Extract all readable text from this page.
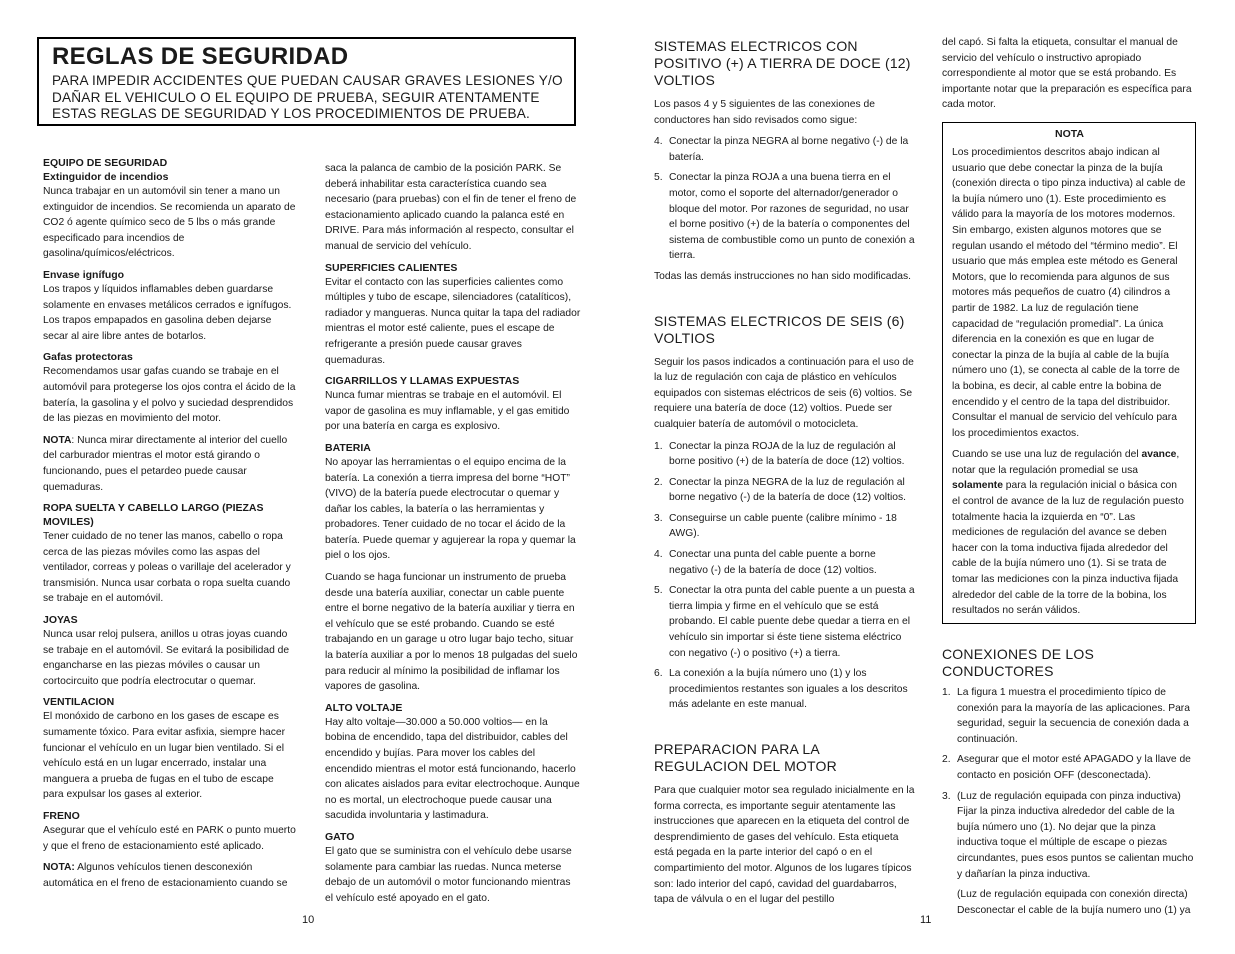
REGLAS DE SEGURIDAD

PARA IMPEDIR ACCIDENTES QUE PUEDAN CAUSAR GRAVES LESIONES Y/O DAÑAR EL VEHICULO O EL EQUIPO DE PRUEBA, SEGUIR ATENTAMENTE ESTAS REGLAS DE SEGURIDAD Y LOS PROCEDIMIENTOS DE PRUEBA.

EQUIPO DE SEGURIDAD

Extinguidor de incendios

Nunca trabajar en un automóvil sin tener a mano un extinguidor de incendios. Se recomienda un aparato de CO2 ó agente químico seco de 5 lbs o más grande especificado para incendios de gasolina/químicos/eléctricos.

Envase ignífugo

Los trapos y líquidos inflamables deben guardarse solamente en envases metálicos cerrados e ignífugos. Los trapos empapados en gasolina deben dejarse secar al aire libre antes de botarlos.

Gafas protectoras

Recomendamos usar gafas cuando se trabaje en el automóvil para protegerse los ojos contra el ácido de la batería, la gasolina y el polvo y suciedad desprendidos de las piezas en movimiento del motor.

NOTA: Nunca mirar directamente al interior del cuello del carburador mientras el motor está girando o funcionando, pues el petardeo puede causar quemaduras.

ROPA SUELTA Y CABELLO LARGO (PIEZAS MOVILES)

Tener cuidado de no tener las manos, cabello o ropa cerca de las piezas móviles como las aspas del ventilador, correas y poleas o varillaje del acelerador y transmisión. Nunca usar corbata o ropa suelta cuando se trabaje en el automóvil.

JOYAS

Nunca usar reloj pulsera, anillos u otras joyas cuando se trabaje en el automóvil. Se evitará la posibilidad de engancharse en las piezas móviles o causar un cortocircuito que podría electrocutar o quemar.

VENTILACION

El monóxido de carbono en los gases de escape es sumamente tóxico. Para evitar asfixia, siempre hacer funcionar el vehículo en un lugar bien ventilado. Si el vehículo está en un lugar encerrado, instalar una manguera a prueba de fugas en el tubo de escape para expulsar los gases al exterior.

FRENO

Asegurar que el vehículo esté en PARK o punto muerto y que el freno de estacionamiento esté aplicado.

NOTA: Algunos vehículos tienen desconexión automática en el freno de estacionamiento cuando se

saca la palanca de cambio de la posición PARK. Se deberá inhabilitar esta característica cuando sea necesario (para pruebas) con el fin de tener el freno de estacionamiento aplicado cuando la palanca esté en DRIVE. Para más información al respecto, consultar el manual de servicio del vehículo.

SUPERFICIES CALIENTES

Evitar el contacto con las superficies calientes como múltiples y tubo de escape, silenciadores (catalíticos), radiador y mangueras. Nunca quitar la tapa del radiador mientras el motor esté caliente, pues el escape de refrigerante a presión puede causar graves quemaduras.

CIGARRILLOS Y LLAMAS EXPUESTAS

Nunca fumar mientras se trabaje en el automóvil. El vapor de gasolina es muy inflamable, y el gas emitido por una batería en carga es explosivo.

BATERIA

No apoyar las herramientas o el equipo encima de la batería. La conexión a tierra impresa del borne “HOT” (VIVO) de la batería puede electrocutar o quemar y dañar los cables, la batería o las herramientas y probadores. Tener cuidado de no tocar el ácido de la batería. Puede quemar y agujerear la ropa y quemar la piel o los ojos.

Cuando se haga funcionar un instrumento de prueba desde una batería auxiliar, conectar un cable puente entre el borne negativo de la batería auxiliar y tierra en el vehículo que se esté probando. Cuando se esté trabajando en un garage u otro lugar bajo techo, situar la batería auxiliar a por lo menos 18 pulgadas del suelo para reducir al mínimo la posibilidad de inflamar los vapores de gasolina.

ALTO VOLTAJE

Hay alto voltaje—30.000 a 50.000 voltios— en la bobina de encendido, tapa del distribuidor, cables del encendido y bujías. Para mover los cables del encendido mientras el motor está funcionando, hacerlo con alicates aislados para evitar electrochoque. Aunque no es mortal, un electrochoque puede causar una sacudida involuntaria y lastimadura.

GATO

El gato que se suministra con el vehículo debe usarse solamente para cambiar las ruedas. Nunca meterse debajo de un automóvil o motor funcionando mientras el vehículo esté apoyado en el gato.

10
SISTEMAS ELECTRICOS CON POSITIVO (+) A TIERRA DE DOCE (12) VOLTIOS

Los pasos 4 y 5 siguientes de las conexiones de conductores han sido revisados como sigue:

4. Conectar la pinza NEGRA al borne negativo (-) de la batería.
5. Conectar la pinza ROJA a una buena tierra en el motor, como el soporte del alternador/generador o bloque del motor. Por razones de seguridad, no usar el borne positivo (+) de la batería o componentes del sistema de combustible como un punto de conexión a tierra.

Todas las demás instrucciones no han sido modificadas.

SISTEMAS ELECTRICOS DE SEIS (6) VOLTIOS

Seguir los pasos indicados a continuación para el uso de la luz de regulación con caja de plástico en vehículos equipados con sistemas eléctricos de seis (6) voltios. Se requiere una batería de doce (12) voltios. Puede ser cualquier batería de automóvil o motocicleta.

1. Conectar la pinza ROJA de la luz de regulación al borne positivo (+) de la batería de doce (12) voltios.
2. Conectar la pinza NEGRA de la luz de regulación al borne negativo (-) de la batería de doce (12) voltios.
3. Conseguirse un cable puente (calibre mínimo - 18 AWG).
4. Conectar una punta del cable puente a borne negativo (-) de la batería de doce (12) voltios.
5. Conectar la otra punta del cable puente a un puesta a tierra limpia y firme en el vehículo que se está probando. El cable puente debe quedar a tierra en el vehículo sin importar si éste tiene sistema eléctrico con negativo (-) o positivo (+) a tierra.
6. La conexión a la bujía número uno (1) y los procedimientos restantes son iguales a los descritos más adelante en este manual.
PREPARACION PARA LA REGULACION DEL MOTOR

Para que cualquier motor sea regulado inicialmente en la forma correcta, es importante seguir atentamente las instrucciones que aparecen en la etiqueta del control de desprendimiento de gases del vehículo. Esta etiqueta está pegada en la parte interior del capó o en el compartimiento del motor. Algunos de los lugares típicos son: lado interior del capó, cavidad del guardabarros, tapa de válvula o en el lugar del pestillo

11

del capó. Si falta la etiqueta, consultar el manual de servicio del vehículo o instructivo apropiado correspondiente al motor que se está probando. Es importante notar que la preparación es específica para cada motor.

NOTA

Los procedimientos descritos abajo indican al usuario que debe conectar la pinza de la bujía (conexión directa o tipo pinza inductiva) al cable de la bujía número uno (1). Este procedimiento es válido para la mayoría de los motores modernos. Sin embargo, existen algunos motores que se regulan usando el método del “término medio”. El usuario que más emplea este método es General Motors, que lo recomienda para algunos de sus motores más pequeños de cuatro (4) cilindros a partir de 1982. La luz de regulación tiene capacidad de “regulación promedial”. La única diferencia en la conexión es que en lugar de conectar la pinza de la bujía al cable de la bujía número uno (1), se conecta al cable de la torre de la bobina, es decir, al cable entre la bobina de encendido y el centro de la tapa del distribuidor. Consultar el manual de servicio del vehículo para los procedimientos exactos.

Cuando se use una luz de regulación del avance, notar que la regulación promedial se usa solamente para la regulación inicial o básica con el control de avance de la luz de regulación puesto totalmente hacia la izquierda en “0”. Las mediciones de regulación del avance se deben hacer con la toma inductiva fijada alrededor del cable de la bujía número uno (1). Si se trata de tomar las mediciones con la pinza inductiva fijada alrededor del cable de la torre de la bobina, los resultados no serán válidos.

CONEXIONES DE LOS CONDUCTORES
1. La figura 1 muestra el procedimiento típico de conexión para la mayoría de las aplicaciones. Para seguridad, seguir la secuencia de conexión dada a continuación.
2. Asegurar que el motor esté APAGADO y la llave de contacto en posición OFF (desconectada).
3. (Luz de regulación equipada con pinza inductiva) Fijar la pinza inductiva alrededor del cable de la bujía número uno (1). No dejar que la pinza inductiva toque el múltiple de escape o piezas circundantes, pues esos puntos se calientan mucho y dañarían la pinza inductiva.

(Luz de regulación equipada con conexión directa) Desconectar el cable de la bujía numero uno (1) ya
